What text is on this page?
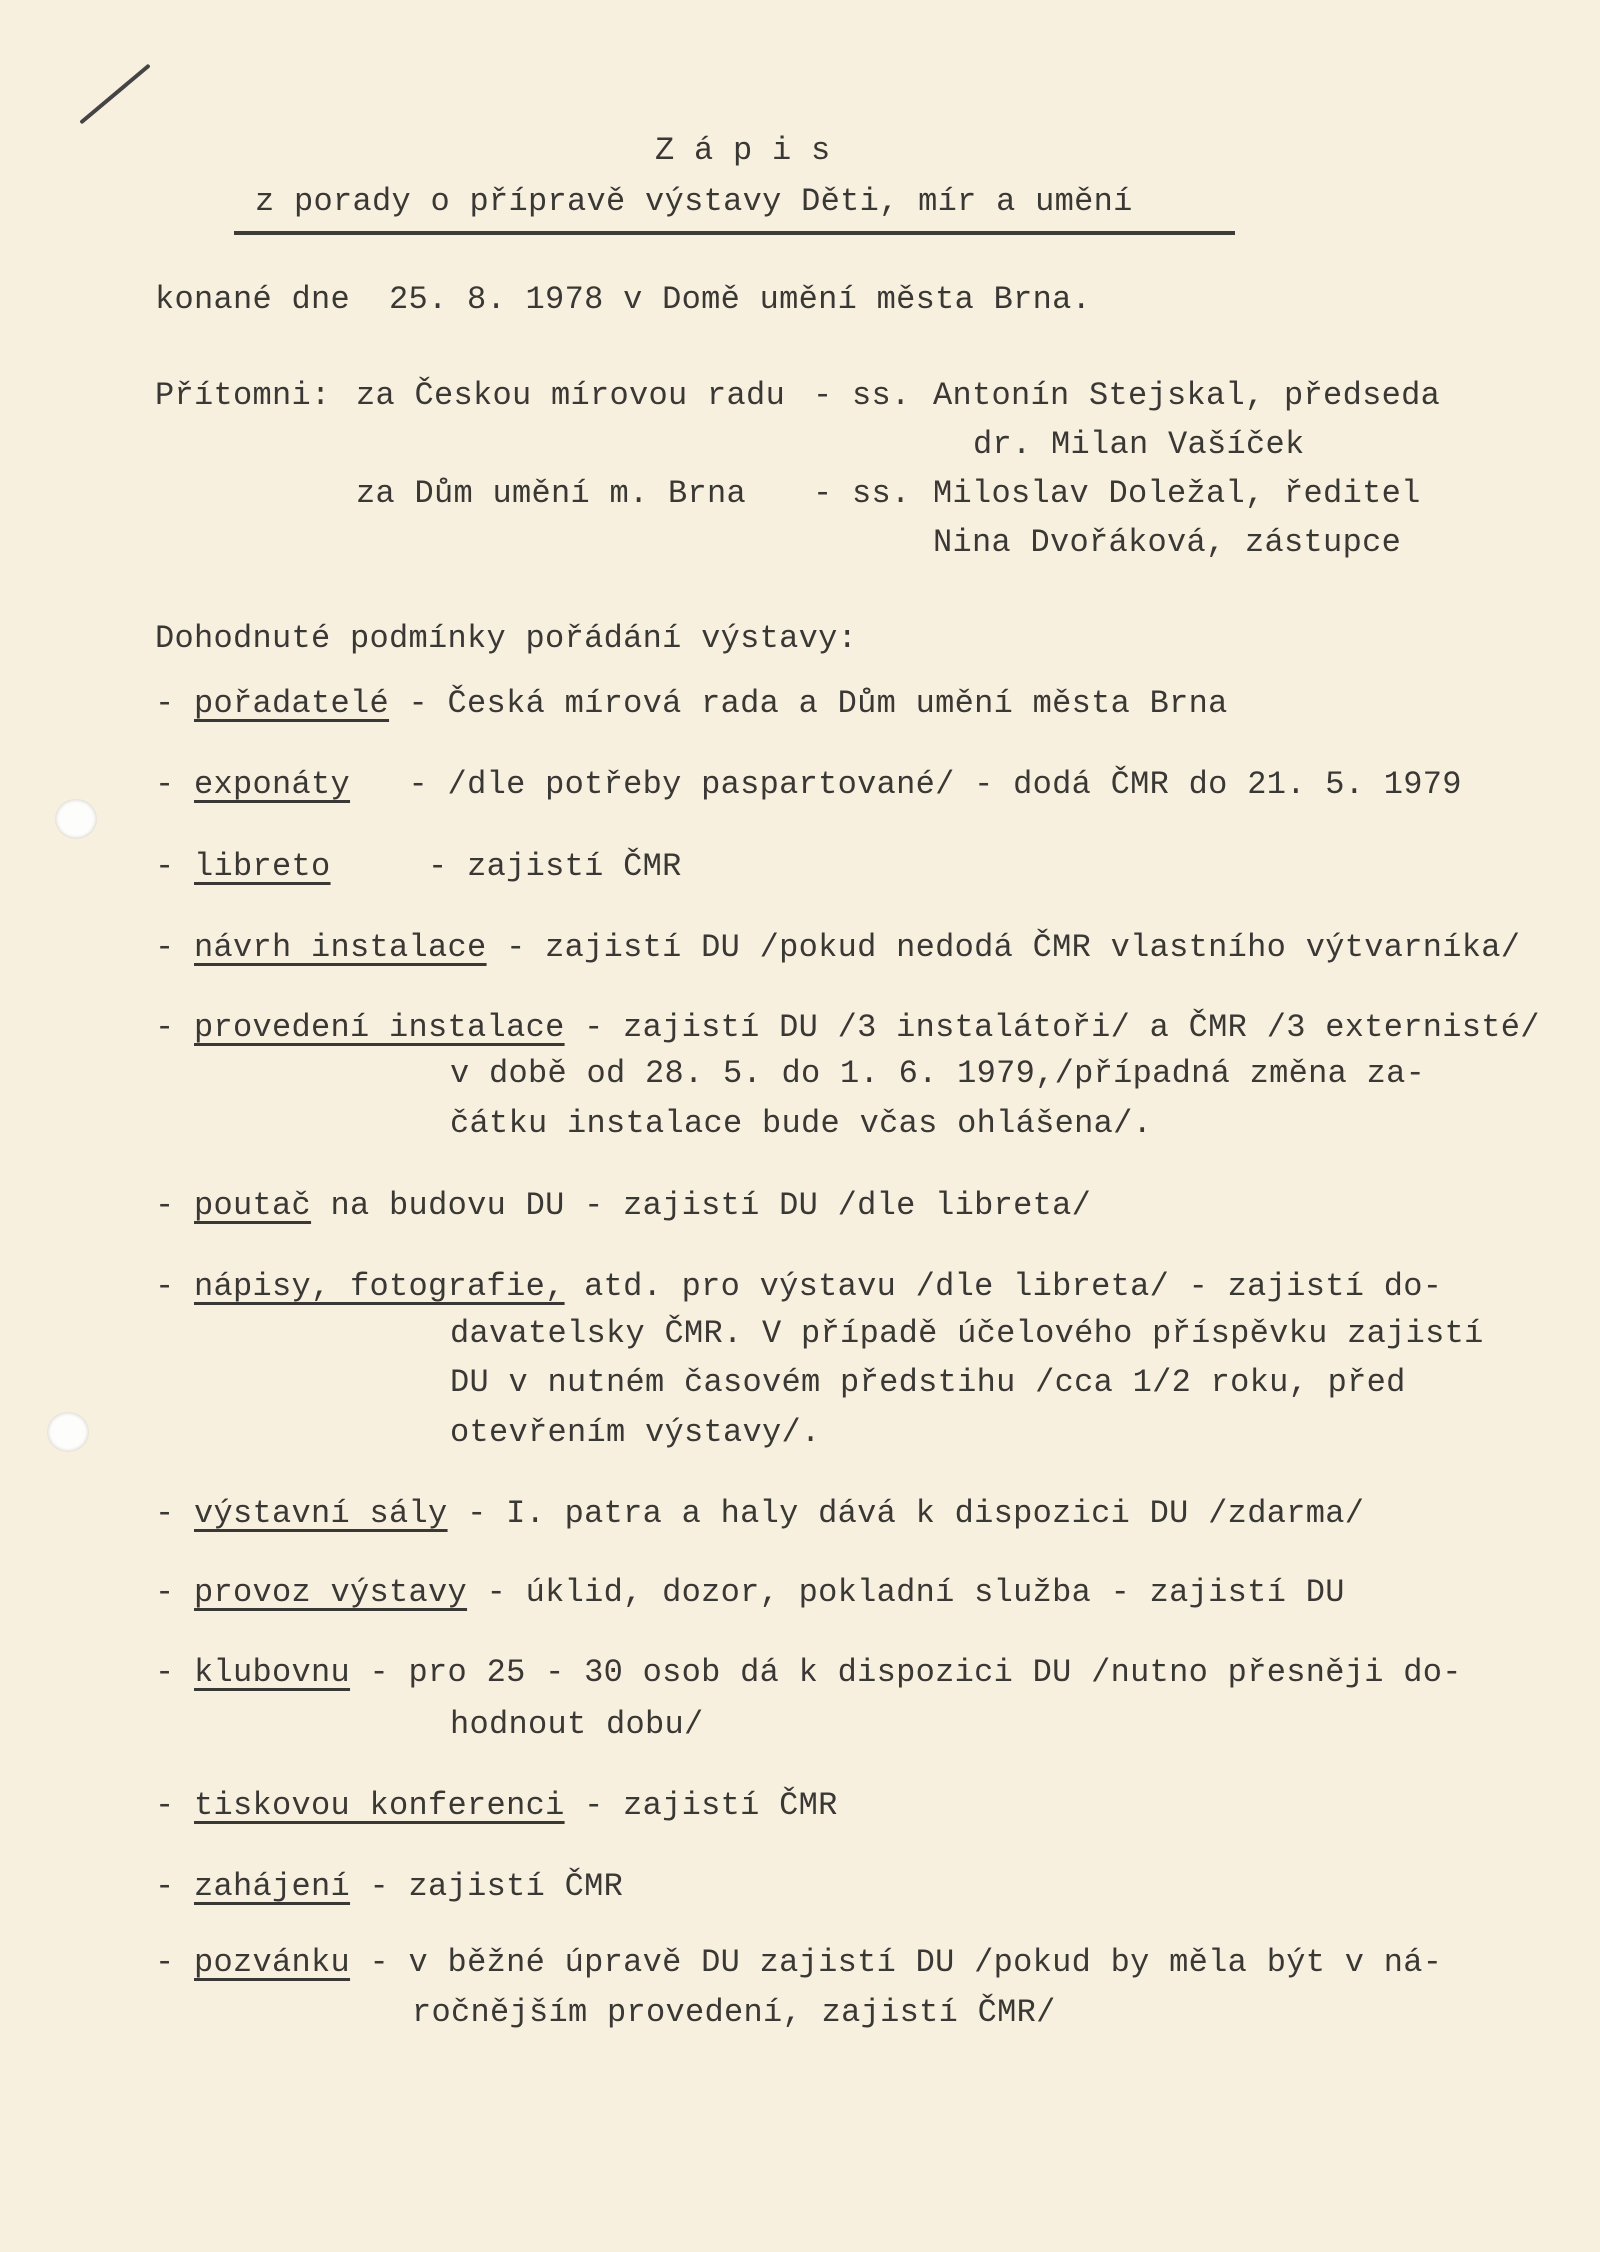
Z á p i s
z porady o přípravě výstavy Děti, mír a umění
konané dne  25. 8. 1978 v Domě umění města Brna.
Přítomni: za Českou mírovou radu - ss. Antonín Stejskal, předseda
dr. Milan Vašíček
za Dům umění m. Brna - ss. Miloslav Doležal, ředitel
Nina Dvořáková, zástupce
Dohodnuté podmínky pořádání výstavy:
- pořadatelé - Česká mírová rada a Dům umění města Brna
- exponáty   - /dle potřeby paspartované/ - dodá ČMR do 21. 5. 1979
- libreto     - zajistí ČMR
- návrh instalace - zajistí DU /pokud nedodá ČMR vlastního výtvarníka/
- provedení instalace - zajistí DU /3 instalátoři/ a ČMR /3 externisté/
v době od 28. 5. do 1. 6. 1979,/případná změna za-
čátku instalace bude včas ohlášena/.
- poutač na budovu DU - zajistí DU /dle libreta/
- nápisy, fotografie, atd. pro výstavu /dle libreta/ - zajistí do-
davatelsky ČMR. V případě účelového příspěvku zajistí
DU v nutném časovém předstihu /cca 1/2 roku, před
otevřením výstavy/.
- výstavní sály - I. patra a haly dává k dispozici DU /zdarma/
- provoz výstavy - úklid, dozor, pokladní služba - zajistí DU
- klubovnu - pro 25 - 30 osob dá k dispozici DU /nutno přesněji do-
hodnout dobu/
- tiskovou konferenci - zajistí ČMR
- zahájení - zajistí ČMR
- pozvánku - v běžné úpravě DU zajistí DU /pokud by měla být v ná-
ročnějším provedení, zajistí ČMR/
